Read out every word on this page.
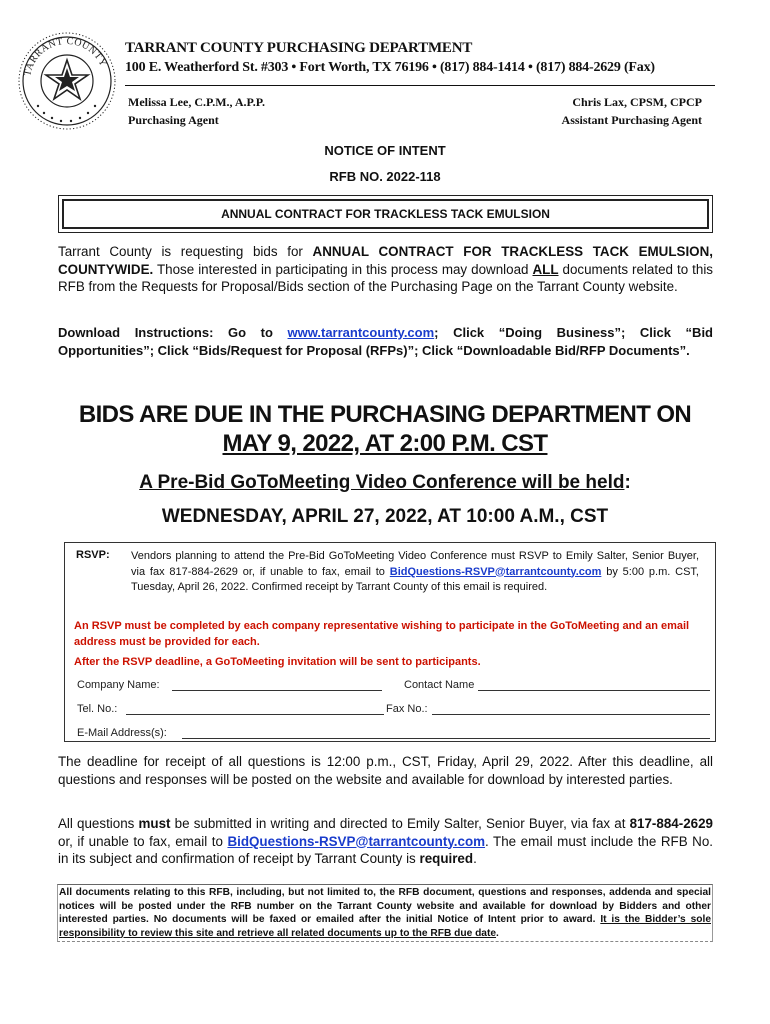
TARRANT COUNTY
TARRANT COUNTY PURCHASING DEPARTMENT
100 E. Weatherford St. #303 • Fort Worth, TX 76196 • (817) 884-1414 • (817) 884-2629 (Fax)
Melissa Lee, C.P.M., A.P.P.
Purchasing Agent
Chris Lax, CPSM, CPCP
Assistant Purchasing Agent
NOTICE OF INTENT
RFB NO. 2022-118
ANNUAL CONTRACT FOR TRACKLESS TACK EMULSION
Tarrant County is requesting bids for ANNUAL CONTRACT FOR TRACKLESS TACK EMULSION, COUNTYWIDE. Those interested in participating in this process may download ALL documents related to this RFB from the Requests for Proposal/Bids section of the Purchasing Page on the Tarrant County website.
Download Instructions: Go to www.tarrantcounty.com; Click “Doing Business”; Click “Bid Opportunities”; Click “Bids/Request for Proposal (RFPs)”; Click “Downloadable Bid/RFP Documents”.
BIDS ARE DUE IN THE PURCHASING DEPARTMENT ON
MAY 9, 2022, AT 2:00 P.M. CST
A Pre-Bid GoToMeeting Video Conference will be held:
WEDNESDAY, APRIL 27, 2022, AT 10:00 A.M., CST
RSVP: Vendors planning to attend the Pre-Bid GoToMeeting Video Conference must RSVP to Emily Salter, Senior Buyer, via fax 817-884-2629 or, if unable to fax, email to BidQuestions-RSVP@tarrantcounty.com by 5:00 p.m. CST, Tuesday, April 26, 2022. Confirmed receipt by Tarrant County of this email is required.
An RSVP must be completed by each company representative wishing to participate in the GoToMeeting and an email address must be provided for each.
After the RSVP deadline, a GoToMeeting invitation will be sent to participants.
Company Name:	Contact Name
Tel. No.:	Fax No.:
E-Mail Address(s):
The deadline for receipt of all questions is 12:00 p.m., CST, Friday, April 29, 2022. After this deadline, all questions and responses will be posted on the website and available for download by interested parties.
All questions must be submitted in writing and directed to Emily Salter, Senior Buyer, via fax at 817-884-2629 or, if unable to fax, email to BidQuestions-RSVP@tarrantcounty.com. The email must include the RFB No. in its subject and confirmation of receipt by Tarrant County is required.
All documents relating to this RFB, including, but not limited to, the RFB document, questions and responses, addenda and special notices will be posted under the RFB number on the Tarrant County website and available for download by Bidders and other interested parties. No documents will be faxed or emailed after the initial Notice of Intent prior to award. It is the Bidder’s sole responsibility to review this site and retrieve all related documents up to the RFB due date.
